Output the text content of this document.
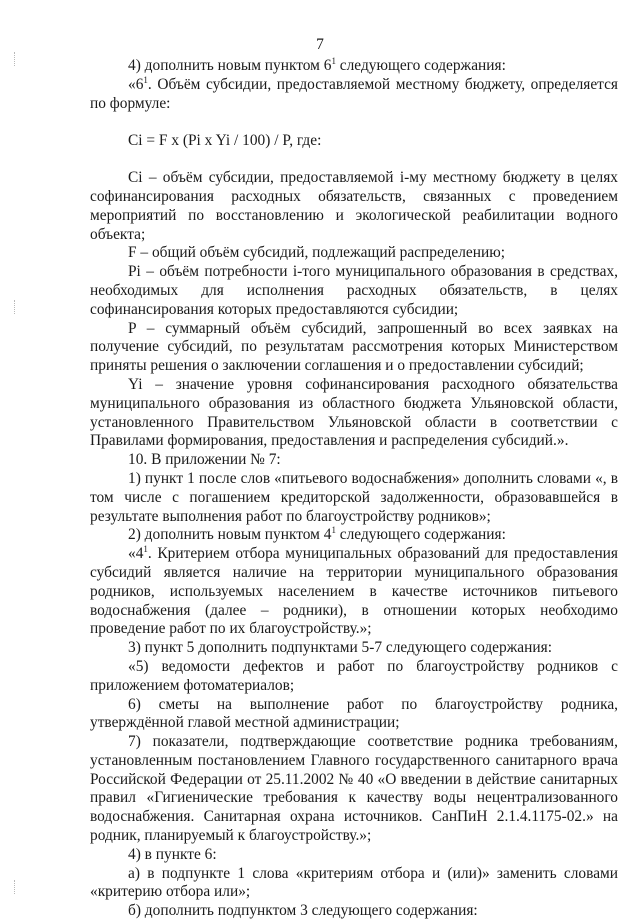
7

4) дополнить новым пунктом $6^1$ следующего содержания:

«$6^1$. Объём субсидии, предоставляемой местному бюджету, определяется по формуле:

Ci = F x (Pi x Yi / 100) / P, где:

Ci – объём субсидии, предоставляемой i-му местному бюджету в целях софинансирования расходных обязательств, связанных с проведением мероприятий по восстановлению и экологической реабилитации водного объекта;

F – общий объём субсидий, подлежащий распределению;

Pi – объём потребности i-того муниципального образования в средствах, необходимых для исполнения расходных обязательств, в целях софинансирования которых предоставляются субсидии;

P – суммарный объём субсидий, запрошенный во всех заявках на получение субсидий, по результатам рассмотрения которых Министерством приняты решения о заключении соглашения и о предоставлении субсидий;

Yi – значение уровня софинансирования расходного обязательства муниципального образования из областного бюджета Ульяновской области, установленного Правительством Ульяновской области в соответствии с Правилами формирования, предоставления и распределения субсидий.».

10. В приложении № 7:

1) пункт 1 после слов «питьевого водоснабжения» дополнить словами «, в том числе с погашением кредиторской задолженности, образовавшейся в результате выполнения работ по благоустройству родников»;

2) дополнить новым пунктом $4^1$ следующего содержания:

«$4^1$. Критерием отбора муниципальных образований для предоставления субсидий является наличие на территории муниципального образования родников, используемых населением в качестве источников питьевого водоснабжения (далее – родники), в отношении которых необходимо проведение работ по их благоустройству.»;

3) пункт 5 дополнить подпунктами 5-7 следующего содержания:

«5) ведомости дефектов и работ по благоустройству родников с приложением фотоматериалов;

6) сметы на выполнение работ по благоустройству родника, утверждённой главой местной администрации;

7) показатели, подтверждающие соответствие родника требованиям, установленным постановлением Главного государственного санитарного врача Российской Федерации от 25.11.2002 № 40 «О введении в действие санитарных правил «Гигиенические требования к качеству воды нецентрализованного водоснабжения. Санитарная охрана источников. СанПиН 2.1.4.1175-02.» на родник, планируемый к благоустройству.»;

4) в пункте 6:

а) в подпункте 1 слова «критериям отбора и (или)» заменить словами «критерию отбора или»;

б) дополнить подпунктом 3 следующего содержания:
